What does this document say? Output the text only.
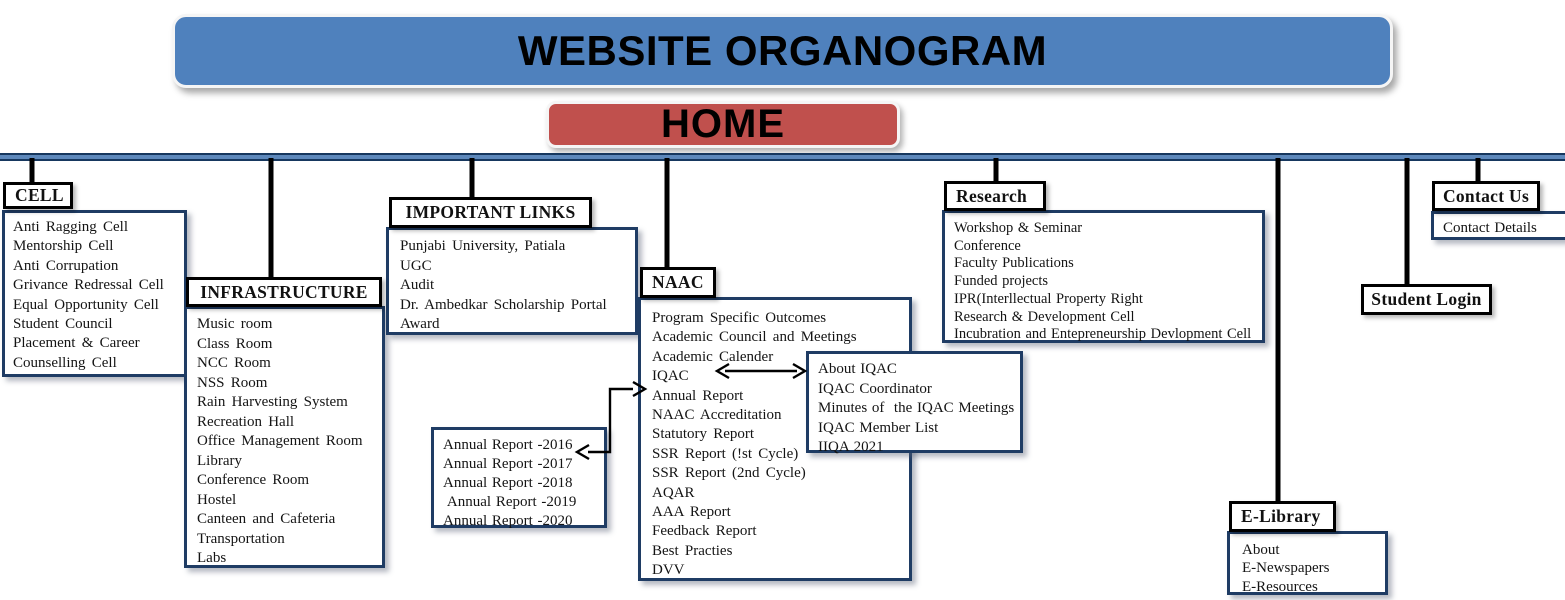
WEBSITE ORGANOGRAM
HOME
CELL
Anti Ragging Cell
Mentorship Cell
Anti Corrupation
Grivance Redressal Cell
Equal Opportunity Cell
Student Council
Placement & Career
Counselling Cell
INFRASTRUCTURE
Music room
Class Room
NCC Room
NSS Room
Rain Harvesting System
Recreation Hall
Office Management Room
Library
Conference Room
Hostel
Canteen and Cafeteria
Transportation
Labs
IMPORTANT LINKS
Punjabi University, Patiala
UGC
Audit
Dr. Ambedkar Scholarship Portal
Award
NAAC
Program Specific Outcomes
Academic Council and Meetings
Academic Calender
IQAC
Annual Report
NAAC Accreditation
Statutory Report
SSR Report (!st Cycle)
SSR Report (2nd Cycle)
AQAR
AAA Report
Feedback Report
Best Practies
DVV
Annual Report -2016
Annual Report -2017
Annual Report -2018
Annual Report -2019
Annual Report -2020
About IQAC
IQAC Coordinator
Minutes of  the IQAC Meetings
IQAC Member List
IIQA 2021
Research
Workshop & Seminar
Conference
Faculty Publications
Funded projects
IPR(Interllectual Property Right
Research & Development Cell
Incubration and Entepreneurship Devlopment Cell
Contact Us
Contact Details
Student Login
E-Library
About
E-Newspapers
E-Resources
